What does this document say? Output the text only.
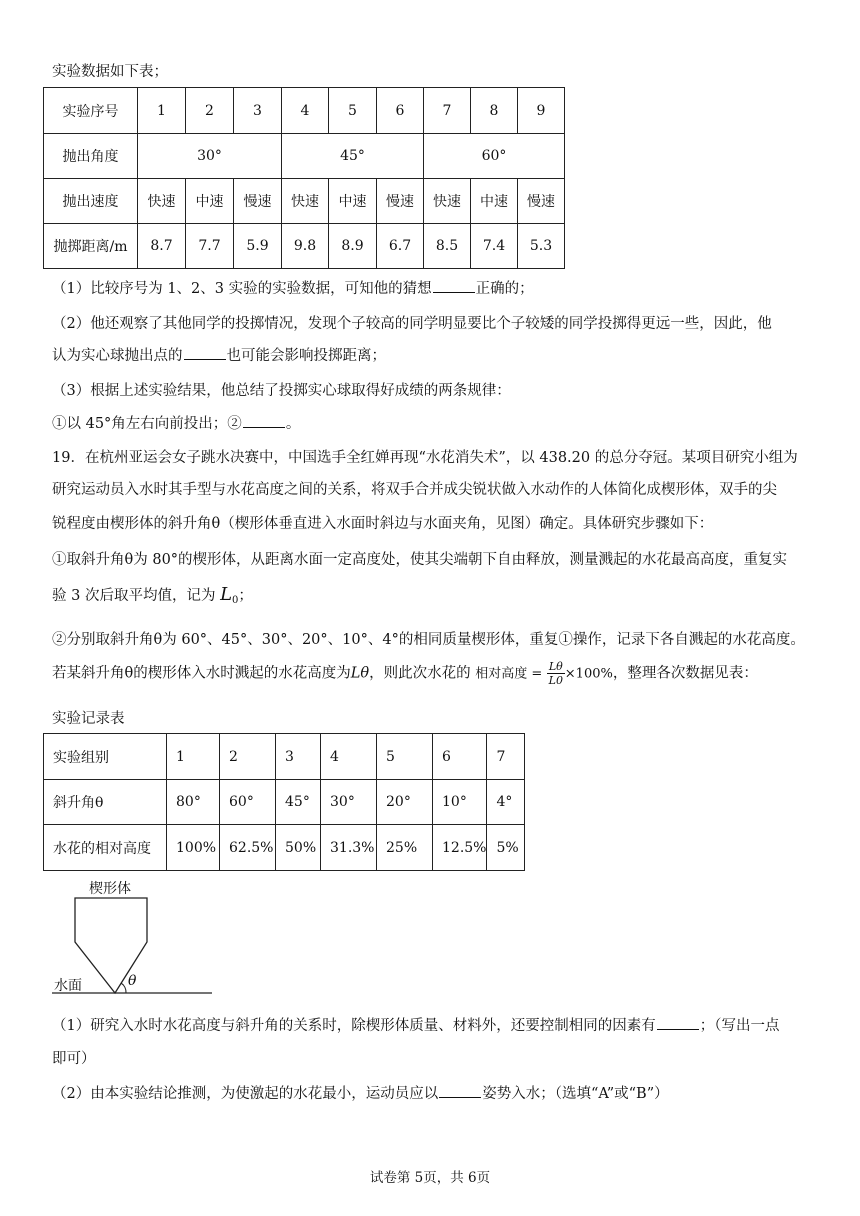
实验数据如下表；
实验序号	1	2	3	4	5	6	7	8	9
抛出角度	30°			45°			60°		
抛出速度	快速	中速	慢速	快速	中速	慢速	快速	中速	慢速
抛掷距离/m	8.7	7.7	5.9	9.8	8.9	6.7	8.5	7.4	5.3
（1）比较序号为 1、2、3 实验的实验数据，可知他的猜想	正确的；
（2）他还观察了其他同学的投掷情况，发现个子较高的同学明显要比个子较矮的同学投掷得更远一些，因此，他
认为实心球抛出点的	也可能会影响投掷距离；
（3）根据上述实验结果，他总结了投掷实心球取得好成绩的两条规律：
①以 45°角左右向前投出；②	。
19．在杭州亚运会女子跳水决赛中，中国选手全红婵再现“水花消失术”，以 438.20 的总分夺冠。某项目研究小组为
研究运动员入水时其手型与水花高度之间的关系，将双手合并成尖锐状做入水动作的人体简化成楔形体，双手的尖
锐程度由楔形体的斜升角θ（楔形体垂直进入水面时斜边与水面夹角，见图）确定。具体研究步骤如下：
①取斜升角θ为 80°的楔形体，从距离水面一定高度处，使其尖端朝下自由释放，测量溅起的水花最高高度，重复实
验 3 次后取平均值，记为 $L_0$；
②分别取斜升角θ为 60°、45°、30°、20°、10°、4°的相同质量楔形体，重复①操作，记录下各自溅起的水花高度。
若某斜升角θ的楔形体入水时溅起的水花高度为Lθ，则此次水花的 相对高度 = $\frac{L\theta}{L0} \times 100\%$，整理各次数据见表：
实验记录表
实验组别	1	2	3	4	5	6	7
斜升角θ	80°	60°	45°	30°	20°	10°	4°
水花的相对高度	100%	62.5%	50%	31.3%	25%	12.5%	5%
楔形体
水面	θ
（1）研究入水时水花高度与斜升角的关系时，除楔形体质量、材料外，还要控制相同的因素有	；（写出一点
即可）
（2）由本实验结论推测，为使激起的水花最小，运动员应以	姿势入水；（选填“A”或“B”）
试卷第 5页，共 6页
